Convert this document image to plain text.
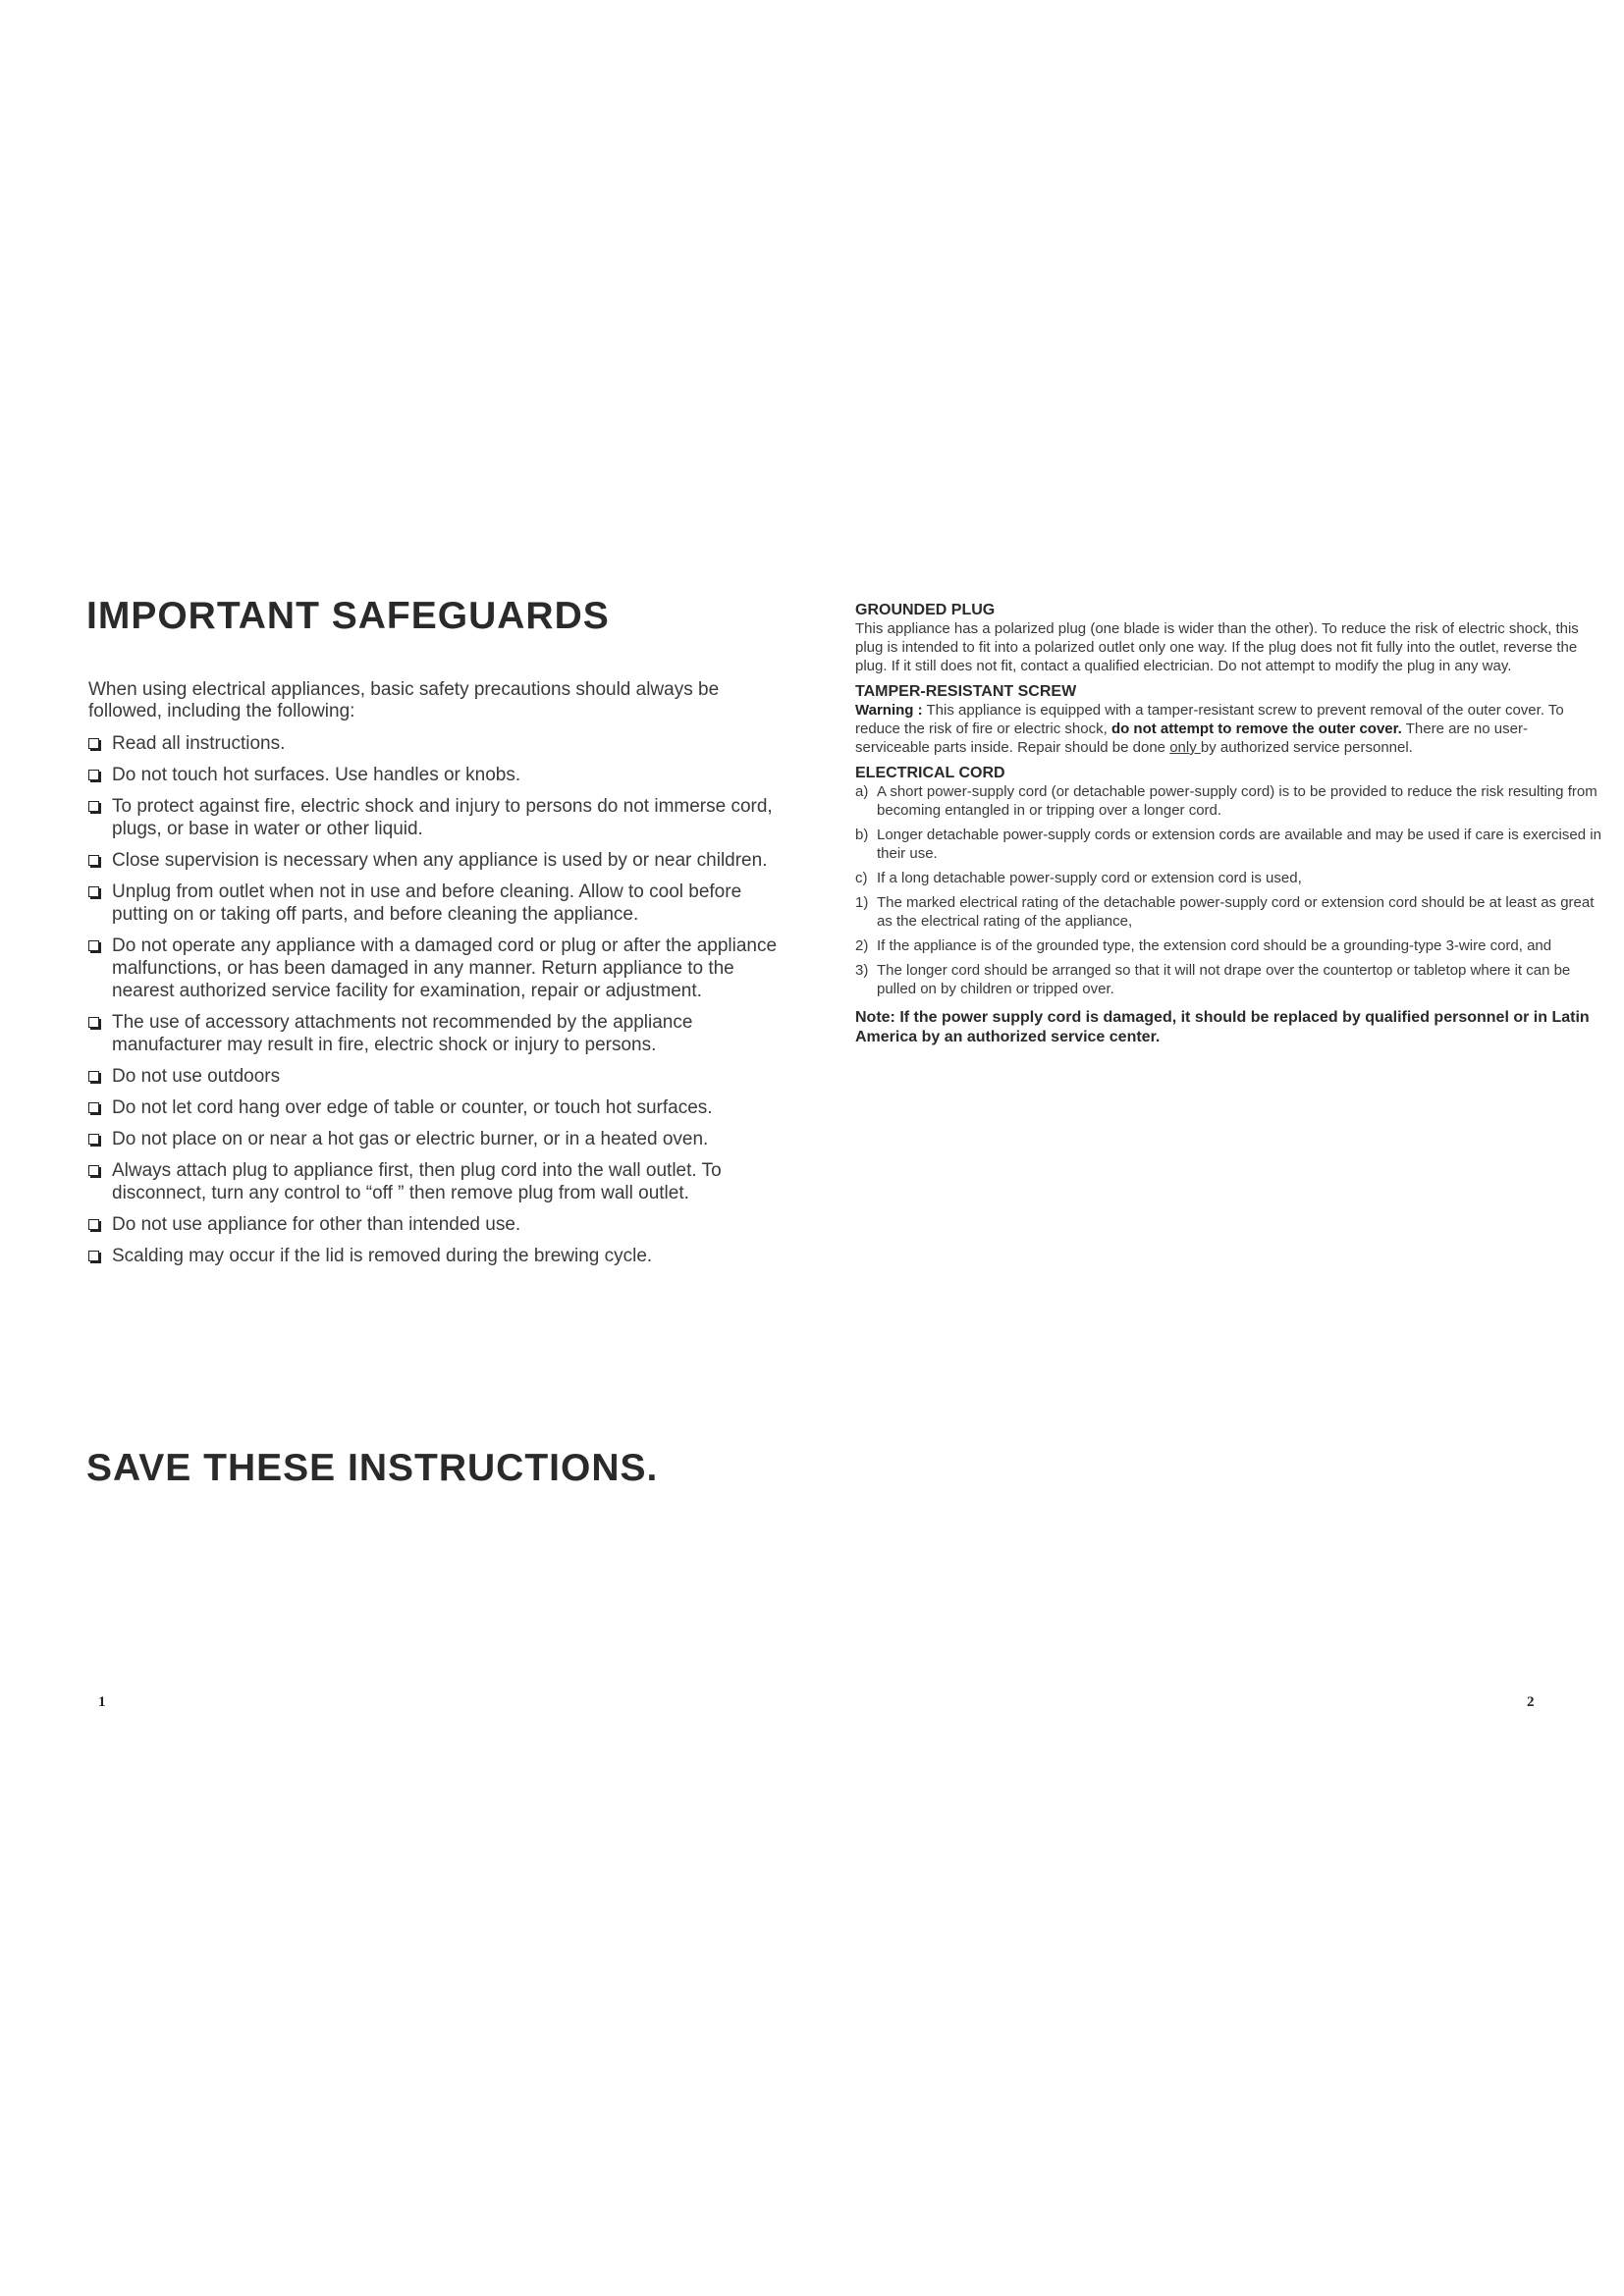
IMPORTANT SAFEGUARDS

When using electrical appliances, basic safety precautions should always be followed, including the following:

Read all instructions.
Do not touch hot surfaces. Use handles or knobs.
To protect against fire, electric shock and injury to persons do not immerse cord, plugs, or base in water or other liquid.
Close supervision is necessary when any appliance is used by or near children.
Unplug from outlet when not in use and before cleaning. Allow to cool before putting on or taking off parts, and before cleaning the appliance.
Do not operate any appliance with a damaged cord or plug or after the appliance malfunctions, or has been damaged in any manner. Return appliance to the nearest authorized service facility for examination, repair or adjustment.
The use of accessory attachments not recommended by the appliance manufacturer may result in fire, electric shock or injury to persons.
Do not use outdoors
Do not let cord hang over edge of table or counter, or touch hot surfaces.
Do not place on or near a hot gas or electric burner, or in a heated oven.
Always attach plug to appliance first, then plug cord into the wall outlet. To disconnect, turn any control to “off ” then remove plug from wall outlet.
Do not use appliance for other than intended use.
Scalding may occur if the lid is removed during the brewing cycle.
SAVE THESE INSTRUCTIONS.
1
GROUNDED PLUG

This appliance has a polarized plug (one blade is wider than the other). To reduce the risk of electric shock, this plug is intended to fit into a polarized outlet only one way. If the plug does not fit fully into the outlet, reverse the plug. If it still does not fit, contact a qualified electrician. Do not attempt to modify the plug in any way.

TAMPER-RESISTANT SCREW

Warning : This appliance is equipped with a tamper-resistant screw to prevent removal of the outer cover. To reduce the risk of fire or electric shock, do not attempt to remove the outer cover. There are no user-serviceable parts inside. Repair should be done only by authorized service personnel.

ELECTRICAL CORD
a) A short power-supply cord (or detachable power-supply cord) is to be provided to reduce the risk resulting from becoming entangled in or tripping over a longer cord.
b) Longer detachable power-supply cords or extension cords are available and may be used if care is exercised in their use.
c) If a long detachable power-supply cord or extension cord is used,
1) The marked electrical rating of the detachable power-supply cord or extension cord should be at least as great as the electrical rating of the appliance,
2) If the appliance is of the grounded type, the extension cord should be a grounding-type 3-wire cord, and
3) The longer cord should be arranged so that it will not drape over the countertop or tabletop where it can be pulled on by children or tripped over.

Note: If the power supply cord is damaged, it should be replaced by qualified personnel or in Latin America by an authorized service center.

2
